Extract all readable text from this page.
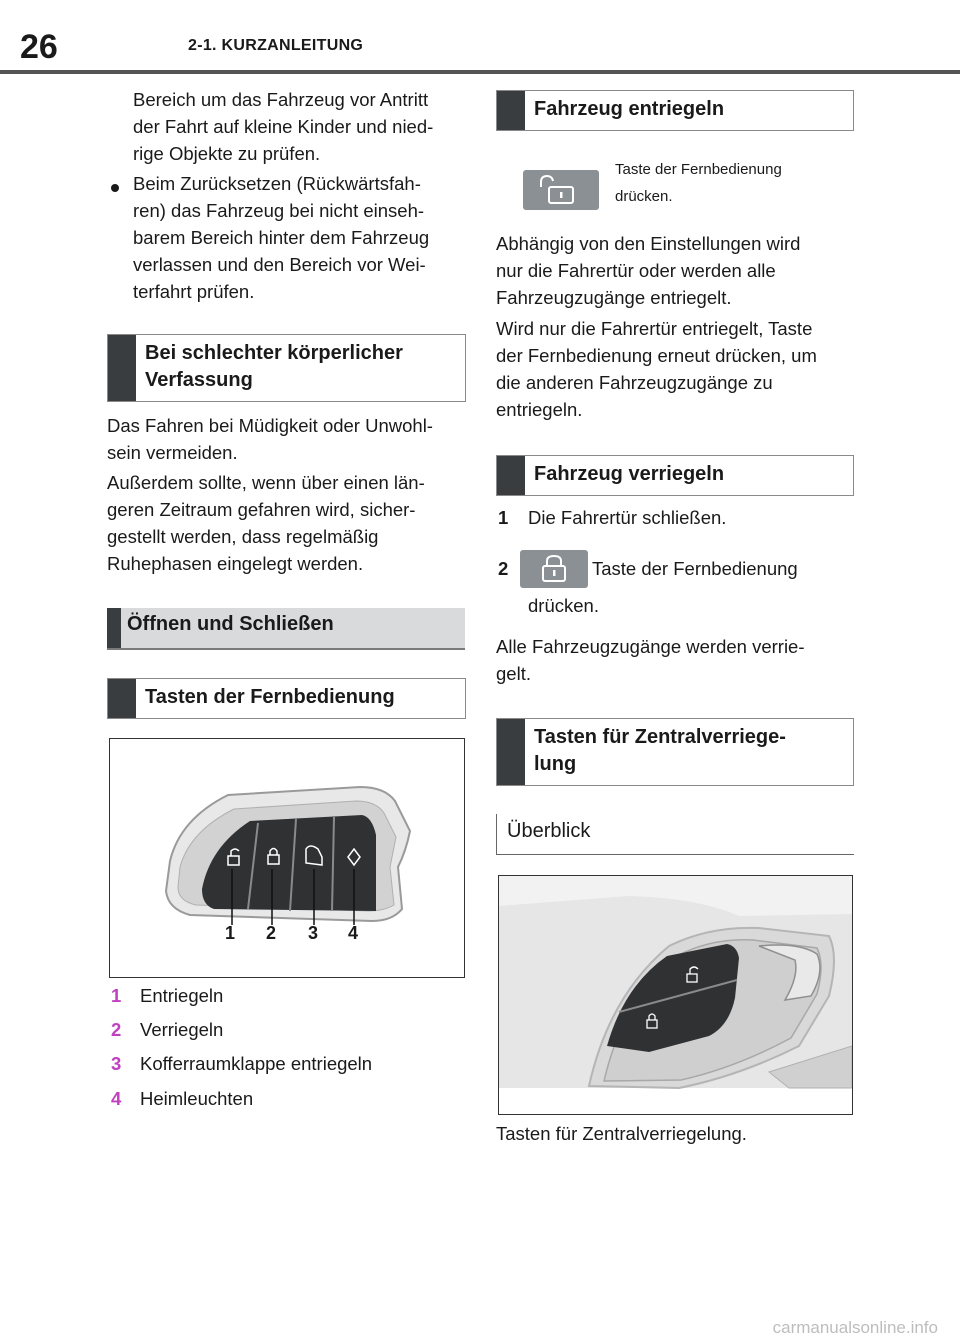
26	2-1. KURZANLEITUNG

Bereich um das Fahrzeug vor Antritt

der Fahrt auf kleine Kinder und nied-

rige Objekte zu prüfen.

Beim Zurücksetzen (Rückwärtsfah-

ren) das Fahrzeug bei nicht einseh-

barem Bereich hinter dem Fahrzeug

verlassen und den Bereich vor Wei-

terfahrt prüfen.

Bei schlechter körperlicher
Verfassung

Das Fahren bei Müdigkeit oder Unwohl-

sein vermeiden.

Außerdem sollte, wenn über einen län-

geren Zeitraum gefahren wird, sicher-

gestellt werden, dass regelmäßig

Ruhephasen eingelegt werden.

Öffnen und Schließen
Tasten der Fernbedienung
1 2 3 4
1 Entriegeln
2 Verriegeln
3 Kofferraumklappe entriegeln
4 Heimleuchten
Fahrzeug entriegeln
Taste der Fernbedienung
drücken.

Abhängig von den Einstellungen wird

nur die Fahrertür oder werden alle

Fahrzeugzugänge entriegelt.

Wird nur die Fahrertür entriegelt, Taste

der Fernbedienung erneut drücken, um

die anderen Fahrzeugzugänge zu

entriegeln.

Fahrzeug verriegeln
1 Die Fahrertür schließen.
2	Taste der Fernbedienung
drücken.

Alle Fahrzeugzugänge werden verrie-

gelt.

Tasten für Zentralverriege-
lung
Überblick
Tasten für Zentralverriegelung.
carmanualsonline.info
